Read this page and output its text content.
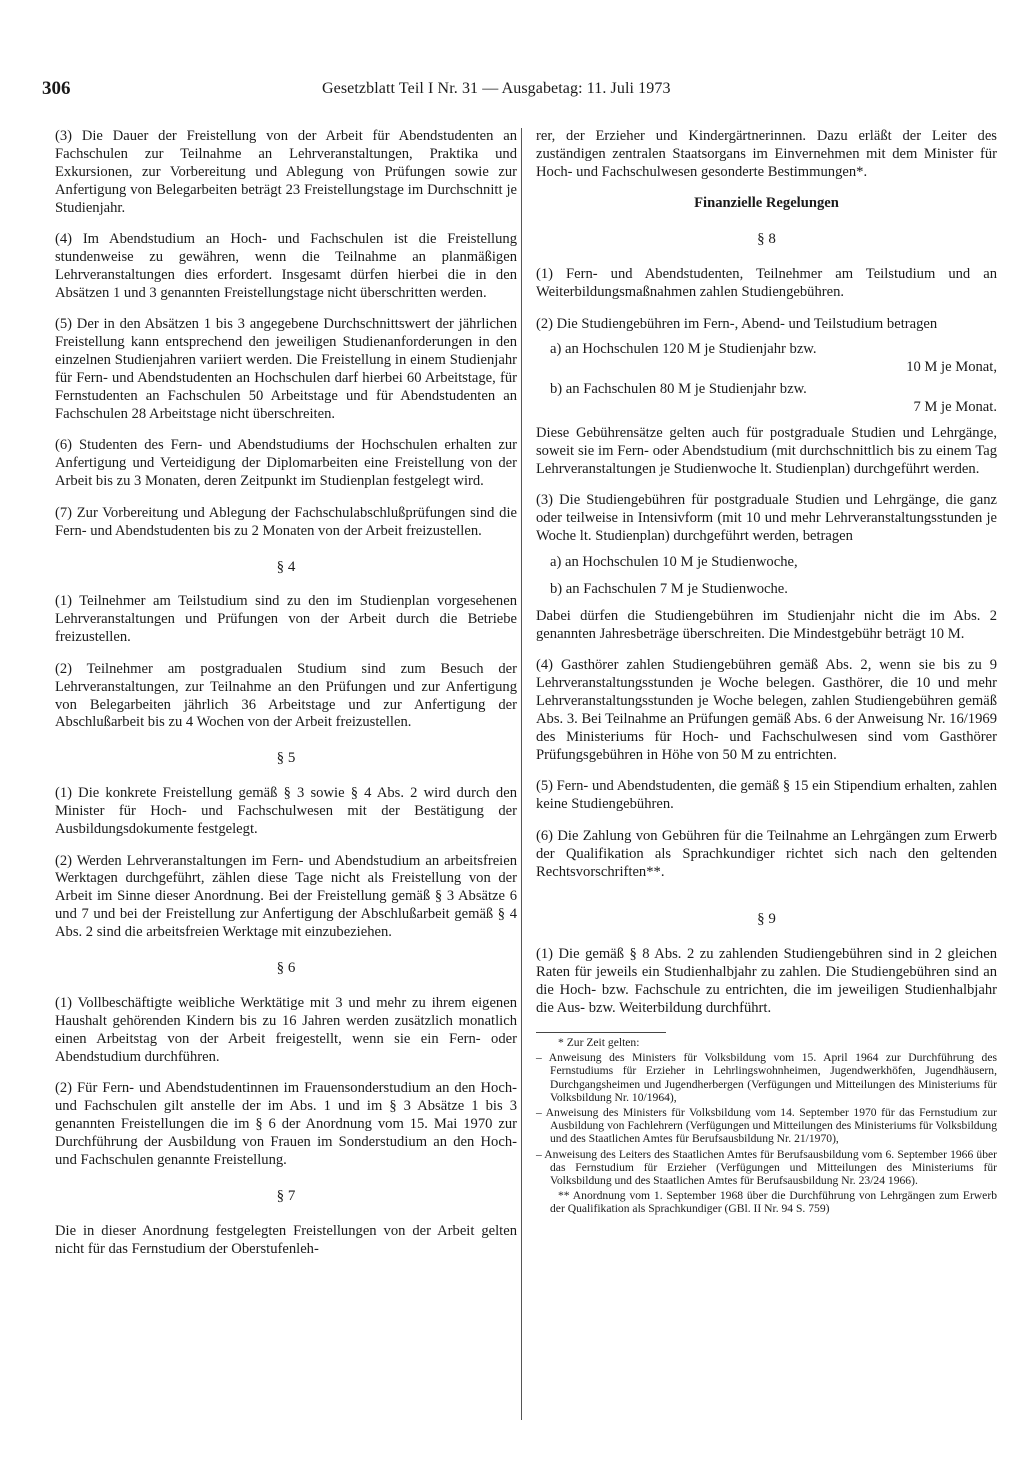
306	Gesetzblatt Teil I Nr. 31 — Ausgabetag: 11. Juli 1973

(3) Die Dauer der Freistellung von der Arbeit für Abendstudenten an Fachschulen zur Teilnahme an Lehrveranstaltungen, Praktika und Exkursionen, zur Vorbereitung und Ablegung von Prüfungen sowie zur Anfertigung von Belegarbeiten beträgt 23 Freistellungstage im Durchschnitt je Studienjahr.

(4) Im Abendstudium an Hoch- und Fachschulen ist die Freistellung stundenweise zu gewähren, wenn die Teilnahme an planmäßigen Lehrveranstaltungen dies erfordert. Insgesamt dürfen hierbei die in den Absätzen 1 und 3 genannten Freistellungstage nicht überschritten werden.

(5) Der in den Absätzen 1 bis 3 angegebene Durchschnittswert der jährlichen Freistellung kann entsprechend den jeweiligen Studienanforderungen in den einzelnen Studienjahren variiert werden. Die Freistellung in einem Studienjahr für Fern- und Abendstudenten an Hochschulen darf hierbei 60 Arbeitstage, für Fernstudenten an Fachschulen 50 Arbeitstage und für Abendstudenten an Fachschulen 28 Arbeitstage nicht überschreiten.

(6) Studenten des Fern- und Abendstudiums der Hochschulen erhalten zur Anfertigung und Verteidigung der Diplomarbeiten eine Freistellung von der Arbeit bis zu 3 Monaten, deren Zeitpunkt im Studienplan festgelegt wird.

(7) Zur Vorbereitung und Ablegung der Fachschulabschlußprüfungen sind die Fern- und Abendstudenten bis zu 2 Monaten von der Arbeit freizustellen.

§ 4

(1) Teilnehmer am Teilstudium sind zu den im Studienplan vorgesehenen Lehrveranstaltungen und Prüfungen von der Arbeit durch die Betriebe freizustellen.

(2) Teilnehmer am postgradualen Studium sind zum Besuch der Lehrveranstaltungen, zur Teilnahme an den Prüfungen und zur Anfertigung von Belegarbeiten jährlich 36 Arbeitstage und zur Anfertigung der Abschlußarbeit bis zu 4 Wochen von der Arbeit freizustellen.

§ 5

(1) Die konkrete Freistellung gemäß § 3 sowie § 4 Abs. 2 wird durch den Minister für Hoch- und Fachschulwesen mit der Bestätigung der Ausbildungsdokumente festgelegt.

(2) Werden Lehrveranstaltungen im Fern- und Abendstudium an arbeitsfreien Werktagen durchgeführt, zählen diese Tage nicht als Freistellung von der Arbeit im Sinne dieser Anordnung. Bei der Freistellung gemäß § 3 Absätze 6 und 7 und bei der Freistellung zur Anfertigung der Abschlußarbeit gemäß § 4 Abs. 2 sind die arbeitsfreien Werktage mit einzubeziehen.

§ 6

(1) Vollbeschäftigte weibliche Werktätige mit 3 und mehr zu ihrem eigenen Haushalt gehörenden Kindern bis zu 16 Jahren werden zusätzlich monatlich einen Arbeitstag von der Arbeit freigestellt, wenn sie ein Fern- oder Abendstudium durchführen.

(2) Für Fern- und Abendstudentinnen im Frauensonderstudium an den Hoch- und Fachschulen gilt anstelle der im Abs. 1 und im § 3 Absätze 1 bis 3 genannten Freistellungen die im § 6 der Anordnung vom 15. Mai 1970 zur Durchführung der Ausbildung von Frauen im Sonderstudium an den Hoch- und Fachschulen genannte Freistellung.

§ 7

Die in dieser Anordnung festgelegten Freistellungen von der Arbeit gelten nicht für das Fernstudium der Oberstufenleh-

rer, der Erzieher und Kindergärtnerinnen. Dazu erläßt der Leiter des zuständigen zentralen Staatsorgans im Einvernehmen mit dem Minister für Hoch- und Fachschulwesen gesonderte Bestimmungen*.

Finanzielle Regelungen
§ 8

(1) Fern- und Abendstudenten, Teilnehmer am Teilstudium und an Weiterbildungsmaßnahmen zahlen Studiengebühren.

(2) Die Studiengebühren im Fern-, Abend- und Teilstudium betragen

a) an Hochschulen 120 M je Studienjahr bzw.
10 M je Monat,
b) an Fachschulen 80 M je Studienjahr bzw.
7 M je Monat.

Diese Gebührensätze gelten auch für postgraduale Studien und Lehrgänge, soweit sie im Fern- oder Abendstudium (mit durchschnittlich bis zu einem Tag Lehrveranstaltungen je Studienwoche lt. Studienplan) durchgeführt werden.

(3) Die Studiengebühren für postgraduale Studien und Lehrgänge, die ganz oder teilweise in Intensivform (mit 10 und mehr Lehrveranstaltungsstunden je Woche lt. Studienplan) durchgeführt werden, betragen

a) an Hochschulen 10 M je Studienwoche,
b) an Fachschulen 7 M je Studienwoche.

Dabei dürfen die Studiengebühren im Studienjahr nicht die im Abs. 2 genannten Jahresbeträge überschreiten. Die Mindestgebühr beträgt 10 M.

(4) Gasthörer zahlen Studiengebühren gemäß Abs. 2, wenn sie bis zu 9 Lehrveranstaltungsstunden je Woche belegen. Gasthörer, die 10 und mehr Lehrveranstaltungsstunden je Woche belegen, zahlen Studiengebühren gemäß Abs. 3. Bei Teilnahme an Prüfungen gemäß Abs. 6 der Anweisung Nr. 16/1969 des Ministeriums für Hoch- und Fachschulwesen sind vom Gasthörer Prüfungsgebühren in Höhe von 50 M zu entrichten.

(5) Fern- und Abendstudenten, die gemäß § 15 ein Stipendium erhalten, zahlen keine Studiengebühren.

(6) Die Zahlung von Gebühren für die Teilnahme an Lehrgängen zum Erwerb der Qualifikation als Sprachkundiger richtet sich nach den geltenden Rechtsvorschriften**.

§ 9

(1) Die gemäß § 8 Abs. 2 zu zahlenden Studiengebühren sind in 2 gleichen Raten für jeweils ein Studienhalbjahr zu zahlen. Die Studiengebühren sind an die Hoch- bzw. Fachschule zu entrichten, die im jeweiligen Studienhalbjahr die Aus- bzw. Weiterbildung durchführt.

* Zur Zeit gelten:
– Anweisung des Ministers für Volksbildung vom 15. April 1964 zur Durchführung des Fernstudiums für Erzieher in Lehrlingswohnheimen, Jugendwerkhöfen, Jugendhäusern, Durchgangsheimen und Jugendherbergen (Verfügungen und Mitteilungen des Ministeriums für Volksbildung Nr. 10/1964),
– Anweisung des Ministers für Volksbildung vom 14. September 1970 für das Fernstudium zur Ausbildung von Fachlehrern (Verfügungen und Mitteilungen des Ministeriums für Volksbildung und des Staatlichen Amtes für Berufsausbildung Nr. 21/1970),
– Anweisung des Leiters des Staatlichen Amtes für Berufsausbildung vom 6. September 1966 über das Fernstudium für Erzieher (Verfügungen und Mitteilungen des Ministeriums für Volksbildung und des Staatlichen Amtes für Berufsausbildung Nr. 23/24 1966).
** Anordnung vom 1. September 1968 über die Durchführung von Lehrgängen zum Erwerb der Qualifikation als Sprachkundiger (GBl. II Nr. 94 S. 759)
